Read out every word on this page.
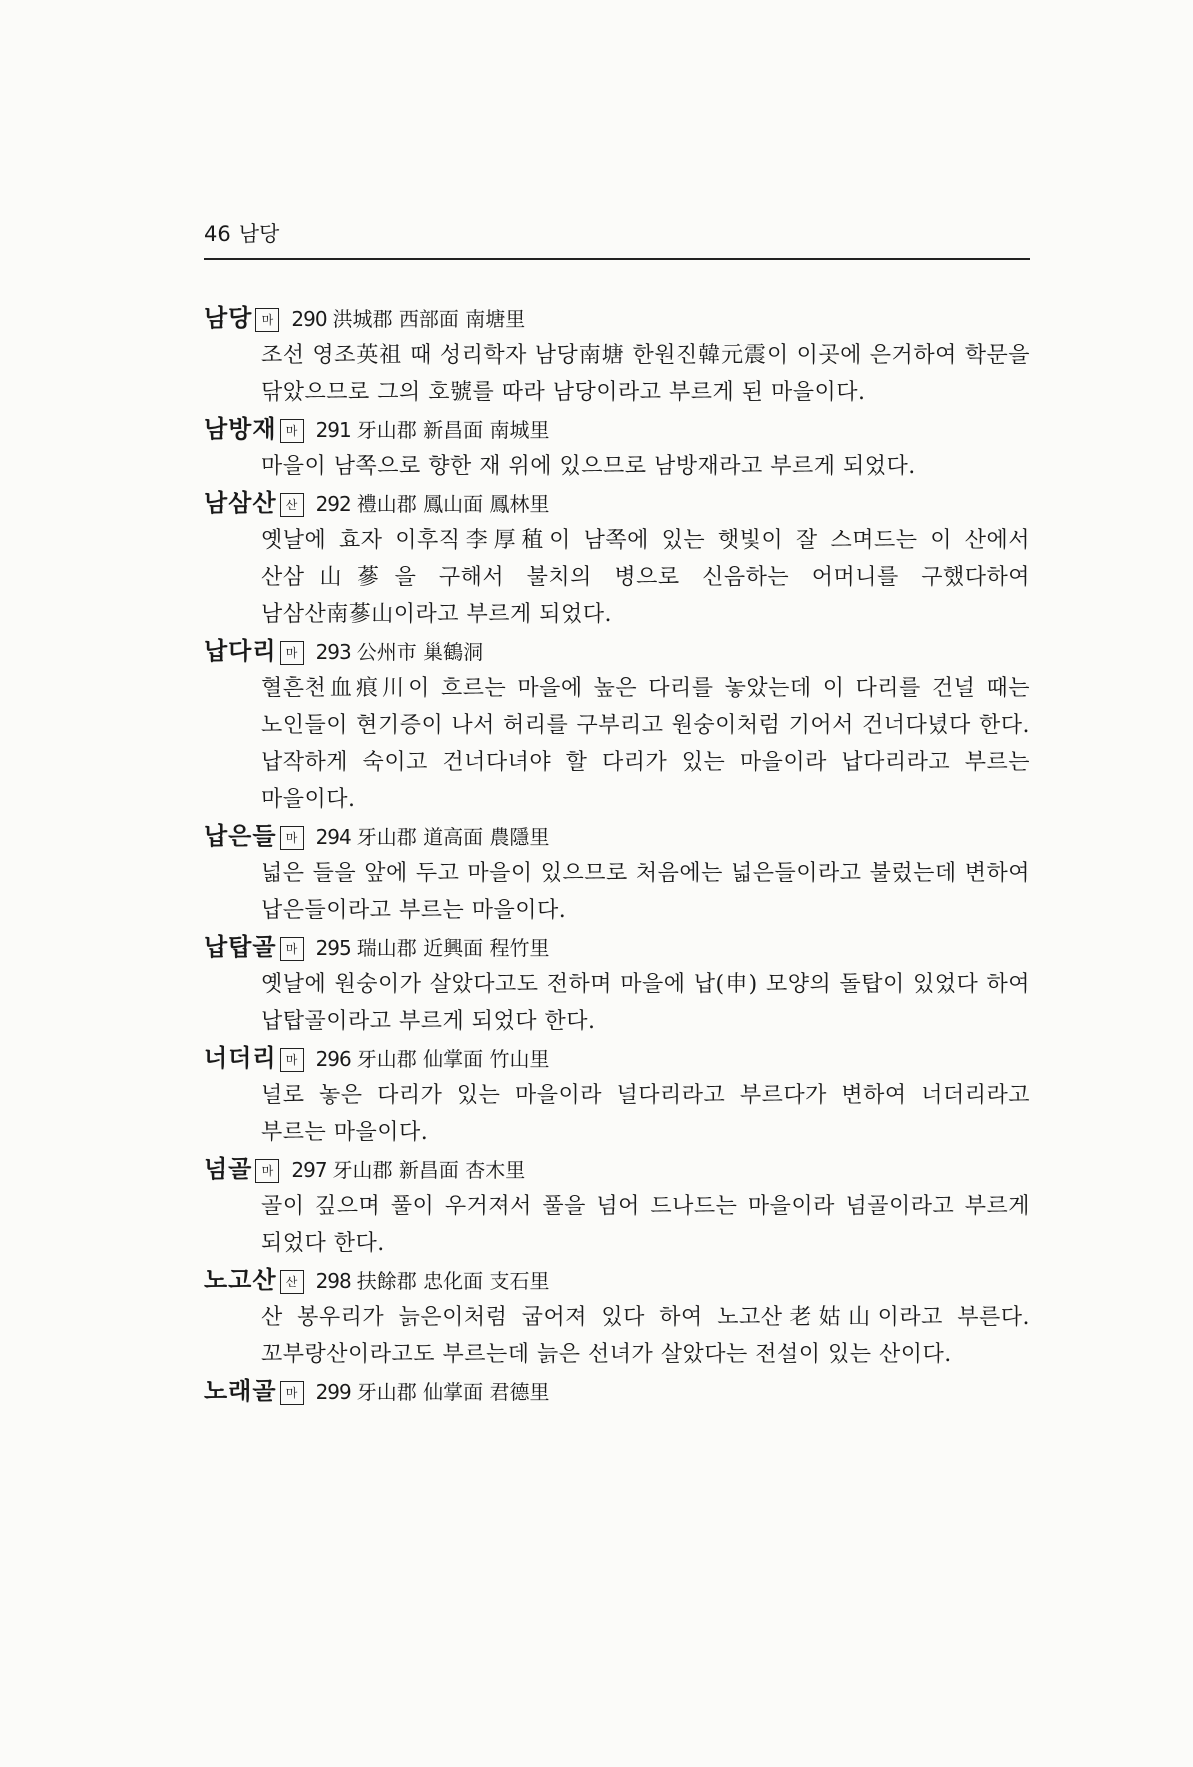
46 남당
남당 마 290 洪城郡 西部面 南塘里
조선 영조英祖 때 성리학자 남당南塘 한원진韓元震이 이곳에 은거하여 학문을 닦았으므로 그의 호號를 따라 남당이라고 부르게 된 마을이다.
남방재 마 291 牙山郡 新昌面 南城里
마을이 남쪽으로 향한 재 위에 있으므로 남방재라고 부르게 되었다.
남삼산 산 292 禮山郡 鳳山面 鳳林里
옛날에 효자 이후직李厚稙이 남쪽에 있는 햇빛이 잘 스며드는 이 산에서 산삼山蔘을 구해서 불치의 병으로 신음하는 어머니를 구했다하여 남삼산南蔘山이라고 부르게 되었다.
납다리 마 293 公州市 巢鶴洞
혈흔천血痕川이 흐르는 마을에 높은 다리를 놓았는데 이 다리를 건널 때는 노인들이 현기증이 나서 허리를 구부리고 원숭이처럼 기어서 건너다녔다 한다. 납작하게 숙이고 건너다녀야 할 다리가 있는 마을이라 납다리라고 부르는 마을이다.
납은들 마 294 牙山郡 道高面 農隱里
넓은 들을 앞에 두고 마을이 있으므로 처음에는 넓은들이라고 불렀는데 변하여 납은들이라고 부르는 마을이다.
납탑골 마 295 瑞山郡 近興面 程竹里
옛날에 원숭이가 살았다고도 전하며 마을에 납(申) 모양의 돌탑이 있었다 하여 납탑골이라고 부르게 되었다 한다.
너더리 마 296 牙山郡 仙掌面 竹山里
널로 놓은 다리가 있는 마을이라 널다리라고 부르다가 변하여 너더리라고 부르는 마을이다.
넘골 마 297 牙山郡 新昌面 杏木里
골이 깊으며 풀이 우거져서 풀을 넘어 드나드는 마을이라 넘골이라고 부르게 되었다 한다.
노고산 산 298 扶餘郡 忠化面 支石里
산 봉우리가 늙은이처럼 굽어져 있다 하여 노고산老姑山이라고 부른다. 꼬부랑산이라고도 부르는데 늙은 선녀가 살았다는 전설이 있는 산이다.
노래골 마 299 牙山郡 仙掌面 君德里
